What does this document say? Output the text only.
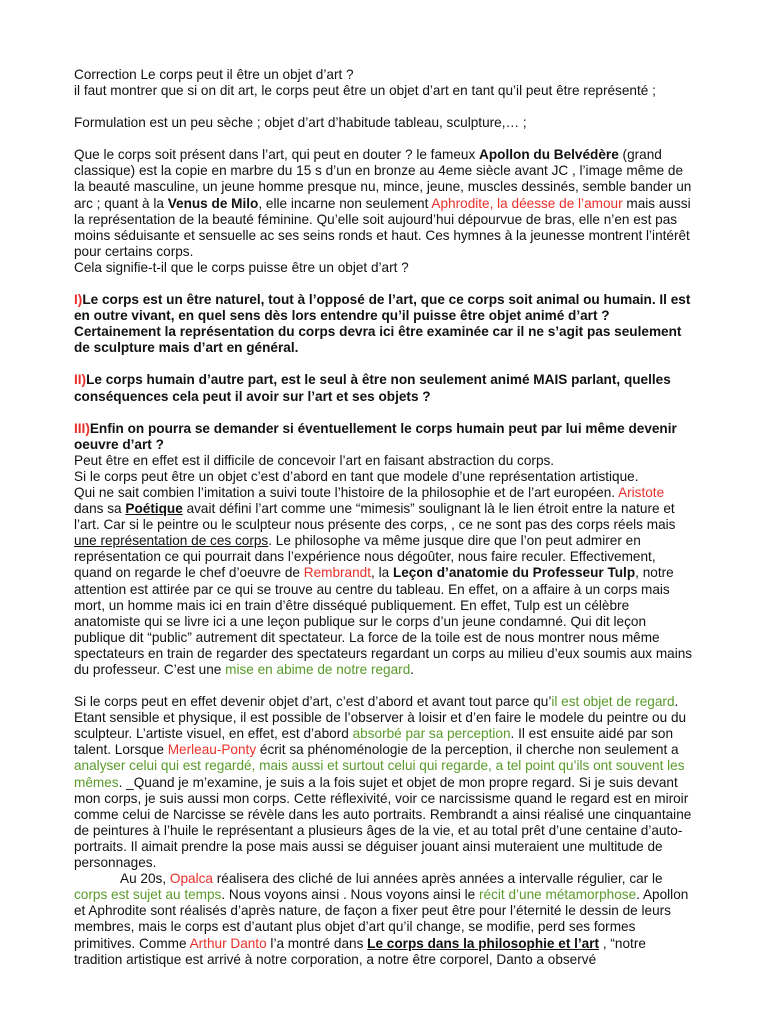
Correction Le corps peut il être un objet d’art ?

il faut montrer que si on dit art, le corps peut être un objet d’art en tant qu’il peut être représenté ;

Formulation est un peu sèche ; objet d’art d’habitude tableau, sculpture,… ;

Que le corps soit présent dans l’art, qui peut en douter ? le fameux Apollon du Belvédère (grand classique) est la copie en marbre du 15 s d’un en bronze au 4eme siècle avant JC , l’image même de la beauté masculine, un jeune homme presque nu, mince, jeune, muscles dessinés, semble bander un arc ; quant à la Venus de Milo, elle incarne non seulement Aphrodite, la déesse de l’amour mais aussi la représentation de la beauté féminine. Qu’elle soit aujourd’hui dépourvue de bras, elle n’en est pas moins séduisante et sensuelle ac ses seins ronds et haut. Ces hymnes à la jeunesse montrent l’intérêt pour certains corps.

Cela signifie-t-il que le corps puisse être un objet d’art ?

I)Le corps est un être naturel, tout à l’opposé de l’art, que ce corps soit animal ou humain. Il est en outre vivant, en quel sens dès lors entendre qu’il puisse être objet animé d’art ? Certainement la représentation du corps devra ici être examinée car il ne s’agit pas seulement de sculpture mais d’art en général.

II)Le corps humain d’autre part, est le seul à être non seulement animé MAIS parlant, quelles conséquences cela peut il avoir sur l’art et ses objets ?

III)Enfin on pourra se demander si éventuellement le corps humain peut par lui même devenir oeuvre d’art ?

Peut être en effet est il difficile de concevoir l’art en faisant abstraction du corps.

Si le corps peut être un objet c’est d’abord en tant que modele d’une représentation artistique.

Qui ne sait combien l’imitation a suivi toute l’histoire de la philosophie et de l’art européen. Aristote dans sa Poétique avait défini l’art comme une “mimesis” soulignant là le lien étroit entre la nature et l’art. Car si le peintre ou le sculpteur nous présente des corps, , ce ne sont pas des corps réels mais une représentation de ces corps. Le philosophe va même jusque dire que l’on peut admirer en représentation ce qui pourrait dans l’expérience nous dégoûter, nous faire reculer. Effectivement, quand on regarde le chef d’oeuvre de Rembrandt, la Leçon d’anatomie du Professeur Tulp, notre attention est attirée par ce qui se trouve au centre du tableau. En effet, on a affaire à un corps mais mort, un homme mais ici en train d’être disséqué publiquement. En effet, Tulp est un célèbre anatomiste qui se livre ici a une leçon publique sur le corps d’un jeune condamné. Qui dit leçon publique dit “public” autrement dit spectateur. La force de la toile est de nous montrer nous même spectateurs en train de regarder des spectateurs regardant un corps au milieu d’eux soumis aux mains du professeur. C’est une mise en abime de notre regard.

Si le corps peut en effet devenir objet d’art, c’est d’abord et avant tout parce qu’il est objet de regard. Etant sensible et physique, il est possible de l’observer à loisir et d’en faire le modele du peintre ou du sculpteur. L’artiste visuel, en effet, est d’abord absorbé par sa perception. Il est ensuite aidé par son talent. Lorsque Merleau-Ponty écrit sa phénoménologie de la perception, il cherche non seulement a analyser celui qui est regardé, mais aussi et surtout celui qui regarde, a tel point qu’ils ont souvent les mêmes. _Quand je m’examine, je suis a la fois sujet et objet de mon propre regard. Si je suis devant mon corps, je suis aussi mon corps. Cette réflexivité, voir ce narcissisme quand le regard est en miroir comme celui de Narcisse se révèle dans les auto portraits. Rembrandt a ainsi réalisé une cinquantaine de peintures à l’huile le représentant a plusieurs âges de la vie, et au total prêt d’une centaine d’auto-portraits. Il aimait prendre la pose mais aussi se déguiser jouant ainsi muteraient une multitude de personnages.

Au 20s, Opalca réalisera des cliché de lui années après années a intervalle régulier, car le corps est sujet au temps. Nous voyons ainsi . Nous voyons ainsi le récit d’une métamorphose. Apollon et Aphrodite sont réalisés d’après nature, de façon a fixer peut être pour l’éternité le dessin de leurs membres, mais le corps est d’autant plus objet d’art qu’il change, se modifie, perd ses formes primitives. Comme Arthur Danto l’a montré dans Le corps dans la philosophie et l’art , “notre tradition artistique est arrivé à notre corporation, a notre être corporel, Danto a observé
